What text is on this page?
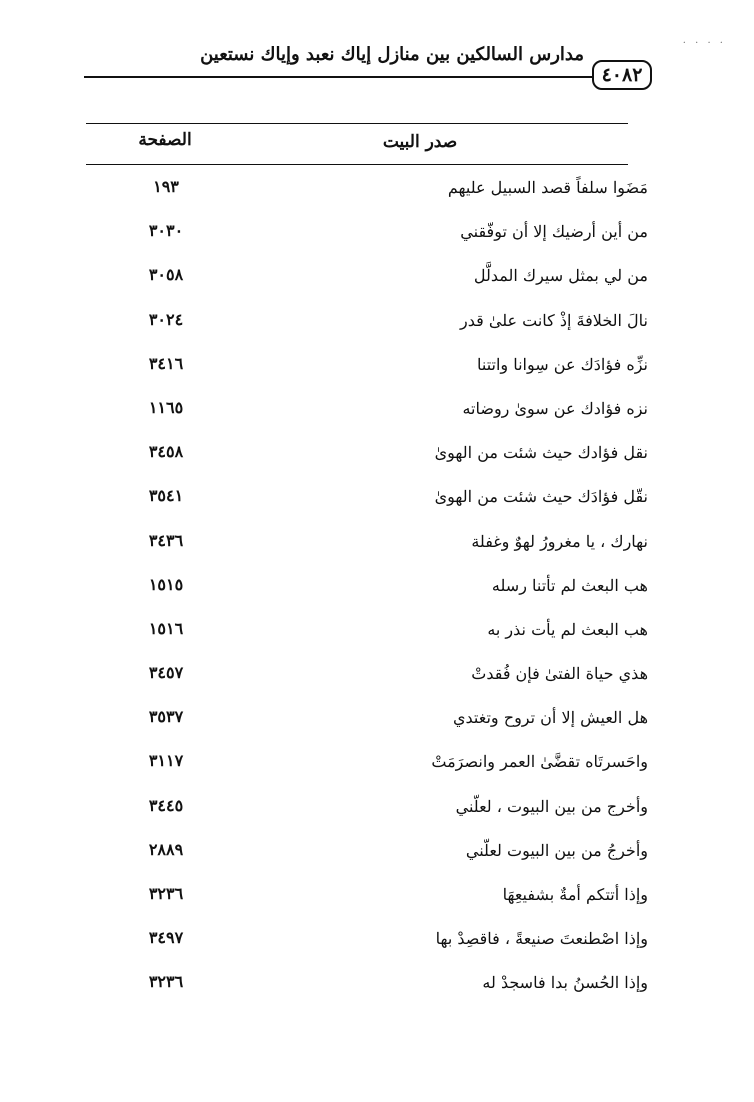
· · · ·
مدارس السالكين بين منازل إياك نعبد وإياك نستعين
٤٠٨٢
صدر البيت
الصفحة
مَضَوا سلفاً قصد السبيل عليهم
١٩٣
من أين أرضيك إلا أن توفّقني
٣٠٣٠
من لي بمثل سيرك المدلَّل
٣٠٥٨
نالَ الخلافةَ إذْ كانت علىٰ قدر
٣٠٢٤
نزِّه فؤادَك عن سِوانا واتتنا
٣٤١٦
نزه فؤادك عن سوىٰ روضاته
١١٦٥
نقل فؤادك حيث شئت من الهوىٰ
٣٤٥٨
نقّل فؤادَك حيث شئت من الهوىٰ
٣٥٤١
نهارك ، يا مغرورُ لهوٌ وغفلة
٣٤٣٦
هب البعث لم تأتنا رسله
١٥١٥
هب البعث لم يأت نذر به
١٥١٦
هذي حياة الفتىٰ فإن فُقدتْ
٣٤٥٧
هل العيش إلا أن تروح وتغتدي
٣٥٣٧
واحَسرتَاه تقضَّىٰ العمر وانصرَمَتْ
٣١١٧
وأخرج من بين البيوت ، لعلّني
٣٤٤٥
وأخرجُ من بين البيوت لعلّني
٢٨٨٩
وإذا أتتكم أمةٌ بشفيعِهَا
٣٢٣٦
وإذا اصْطنعتَ صنيعةً ، فاقصِدْ بها
٣٤٩٧
وإذا الحُسنُ بدا فاسجدْ له
٣٢٣٦
